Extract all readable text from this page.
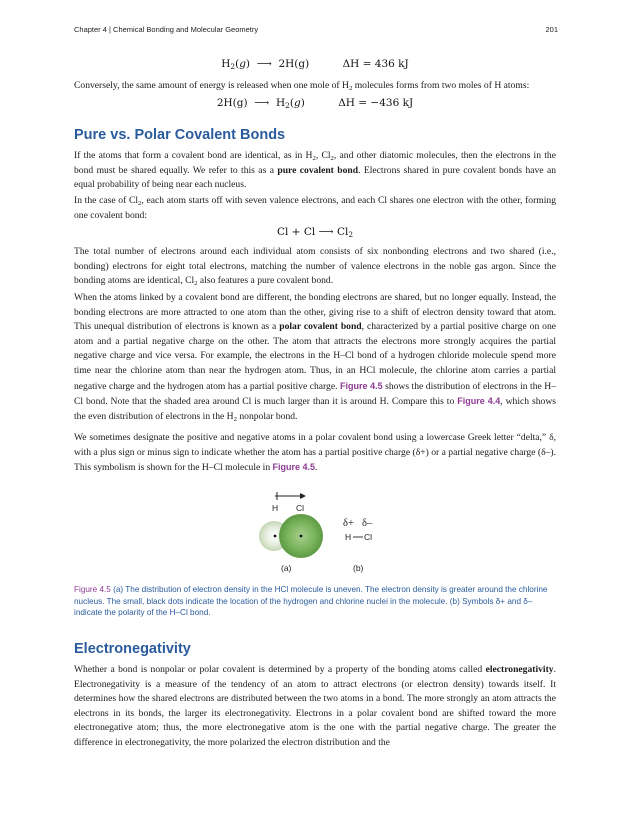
Chapter 4 | Chemical Bonding and Molecular Geometry	201
$H_2(g)$  ⟶  2H(g)	ΔH = 436 kJ
Conversely, the same amount of energy is released when one mole of $H_2$ molecules forms from two moles of H atoms:
2H(g)  ⟶  $H_2(g)$	ΔH = −436 kJ
Pure vs. Polar Covalent Bonds
If the atoms that form a covalent bond are identical, as in $H_2$, $Cl_2$, and other diatomic molecules, then the electrons in the bond must be shared equally. We refer to this as a pure covalent bond. Electrons shared in pure covalent bonds have an equal probability of being near each nucleus.
In the case of $Cl_2$, each atom starts off with seven valence electrons, and each Cl shares one electron with the other, forming one covalent bond:
Cl + Cl ⟶ $Cl_2$
The total number of electrons around each individual atom consists of six nonbonding electrons and two shared (i.e., bonding) electrons for eight total electrons, matching the number of valence electrons in the noble gas argon. Since the bonding atoms are identical, $Cl_2$ also features a pure covalent bond.
When the atoms linked by a covalent bond are different, the bonding electrons are shared, but no longer equally. Instead, the bonding electrons are more attracted to one atom than the other, giving rise to a shift of electron density toward that atom. This unequal distribution of electrons is known as a polar covalent bond, characterized by a partial positive charge on one atom and a partial negative charge on the other. The atom that attracts the electrons more strongly acquires the partial negative charge and vice versa. For example, the electrons in the H–Cl bond of a hydrogen chloride molecule spend more time near the chlorine atom than near the hydrogen atom. Thus, in an HCl molecule, the chlorine atom carries a partial negative charge and the hydrogen atom has a partial positive charge. Figure 4.5 shows the distribution of electrons in the H–Cl bond. Note that the shaded area around Cl is much larger than it is around H. Compare this to Figure 4.4, which shows the even distribution of electrons in the $H_2$ nonpolar bond.
We sometimes designate the positive and negative atoms in a polar covalent bond using a lowercase Greek letter “delta,” δ, with a plus sign or minus sign to indicate whether the atom has a partial positive charge (δ+) or a partial negative charge (δ–). This symbolism is shown for the H–Cl molecule in Figure 4.5.
H Cl
δ+ δ–
H Cl
(a)	(b)
Figure 4.5 (a) The distribution of electron density in the HCl molecule is uneven. The electron density is greater around the chlorine nucleus. The small, black dots indicate the location of the hydrogen and chlorine nuclei in the molecule. (b) Symbols δ+ and δ– indicate the polarity of the H–Cl bond.
Electronegativity
Whether a bond is nonpolar or polar covalent is determined by a property of the bonding atoms called electronegativity. Electronegativity is a measure of the tendency of an atom to attract electrons (or electron density) towards itself. It determines how the shared electrons are distributed between the two atoms in a bond. The more strongly an atom attracts the electrons in its bonds, the larger its electronegativity. Electrons in a polar covalent bond are shifted toward the more electronegative atom; thus, the more electronegative atom is the one with the partial negative charge. The greater the difference in electronegativity, the more polarized the electron distribution and the
